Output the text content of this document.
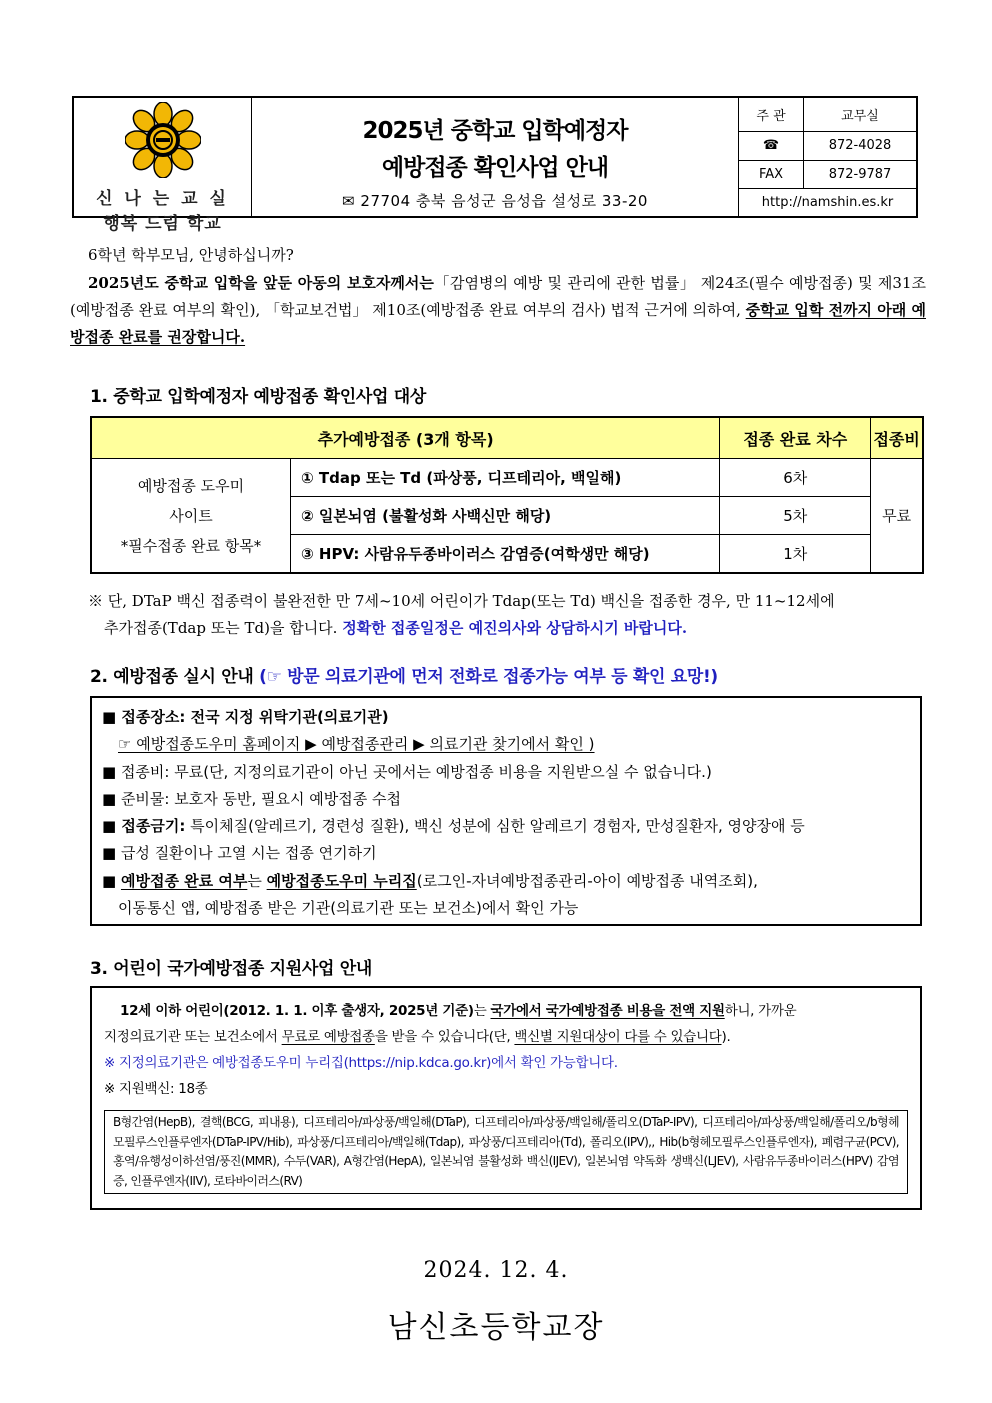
신 나 는 교 실
행복 드림 학교
2025년 중학교 입학예정자
예방접종 확인사업 안내
✉ 27704 충북 음성군 음성읍 설성로 33-20
주 관	교무실
☎	872-4028
FAX	872-9787
http://namshin.es.kr	
6학년 학부모님, 안녕하십니까?
2025년도 중학교 입학을 앞둔 아동의 보호자께서는「감염병의 예방 및 관리에 관한 법률」 제24조(필수 예방접종) 및 제31조(예방접종 완료 여부의 확인), 「학교보건법」 제10조(예방접종 완료 여부의 검사) 법적 근거에 의하여, 중학교 입학 전까지 아래 예방접종 완료를 권장합니다.
1. 중학교 입학예정자 예방접종 확인사업 대상
추가예방접종 (3개 항목)		접종 완료 차수	접종비

예방접종 도우미
사이트
*필수접종 완료 항목*	① Tdap 또는 Td (파상풍, 디프테리아, 백일해)	6차	무료
	② 일본뇌염 (불활성화 사백신만 해당)	5차	
	③ HPV: 사람유두종바이러스 감염증(여학생만 해당)	1차	
※ 단, DTaP 백신 접종력이 불완전한 만 7세~10세 어린이가 Tdap(또는 Td) 백신을 접종한 경우, 만 11~12세에
추가접종(Tdap 또는 Td)을 합니다. 정확한 접종일정은 예진의사와 상담하시기 바랍니다.
2. 예방접종 실시 안내 (☞ 방문 의료기관에 먼저 전화로 접종가능 여부 등 확인 요망!)
■ 접종장소: 전국 지정 위탁기관(의료기관)
☞ 예방접종도우미 홈페이지 ▶ 예방접종관리 ▶ 의료기관 찾기에서 확인 )
■ 접종비: 무료(단, 지정의료기관이 아닌 곳에서는 예방접종 비용을 지원받으실 수 없습니다.)
■ 준비물: 보호자 동반, 필요시 예방접종 수첩
■ 접종금기: 특이체질(알레르기, 경련성 질환), 백신 성분에 심한 알레르기 경험자, 만성질환자, 영양장애 등
■ 급성 질환이나 고열 시는 접종 연기하기
■ 예방접종 완료 여부는 예방접종도우미 누리집(로그인-자녀예방접종관리-아이 예방접종 내역조회),
이동통신 앱, 예방접종 받은 기관(의료기관 또는 보건소)에서 확인 가능
3. 어린이 국가예방접종 지원사업 안내
12세 이하 어린이(2012. 1. 1. 이후 출생자, 2025년 기준)는 국가에서 국가예방접종 비용을 전액 지원하니, 가까운
지정의료기관 또는 보건소에서 무료로 예방접종을 받을 수 있습니다(단, 백신별 지원대상이 다를 수 있습니다).
※ 지정의료기관은 예방접종도우미 누리집(https://nip.kdca.go.kr)에서 확인 가능합니다.
※ 지원백신: 18종
B형간염(HepB), 결핵(BCG, 피내용), 디프테리아/파상풍/백일해(DTaP), 디프테리아/파상풍/백일해/폴리오(DTaP-IPV), 디프테리아/파상풍/백일해/폴리오/b형헤모필루스인플루엔자(DTaP-IPV/Hib), 파상풍/디프테리아/백일해(Tdap), 파상풍/디프테리아(Td), 폴리오(IPV),, Hib(b형헤모필루스인플루엔자), 폐렴구균(PCV), 홍역/유행성이하선염/풍진(MMR), 수두(VAR), A형간염(HepA), 일본뇌염 불활성화 백신(IJEV), 일본뇌염 약독화 생백신(LJEV), 사람유두종바이러스(HPV) 감염증, 인플루엔자(IIV), 로타바이러스(RV)
2024. 12. 4.
남신초등학교장
